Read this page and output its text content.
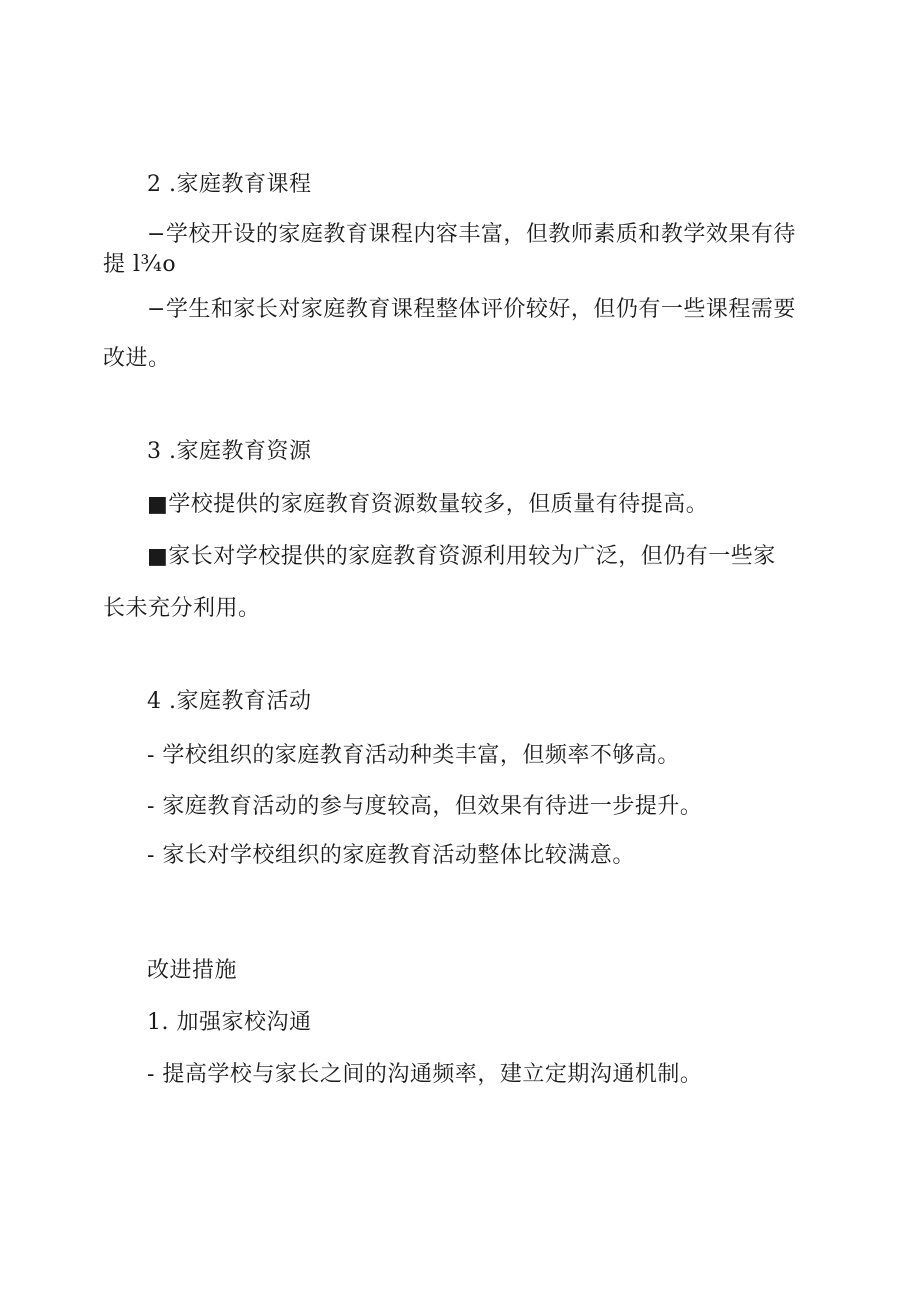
2 .家庭教育课程
−学校开设的家庭教育课程内容丰富，但教师素质和教学效果有待
提 l¾o
−学生和家长对家庭教育课程整体评价较好，但仍有一些课程需要
改进。
3 .家庭教育资源
■学校提供的家庭教育资源数量较多，但质量有待提高。
■家长对学校提供的家庭教育资源利用较为广泛，但仍有一些家
长未充分利用。
4 .家庭教育活动
- 学校组织的家庭教育活动种类丰富，但频率不够高。
- 家庭教育活动的参与度较高，但效果有待进一步提升。
- 家长对学校组织的家庭教育活动整体比较满意。
改进措施
1. 加强家校沟通
- 提高学校与家长之间的沟通频率，建立定期沟通机制。
